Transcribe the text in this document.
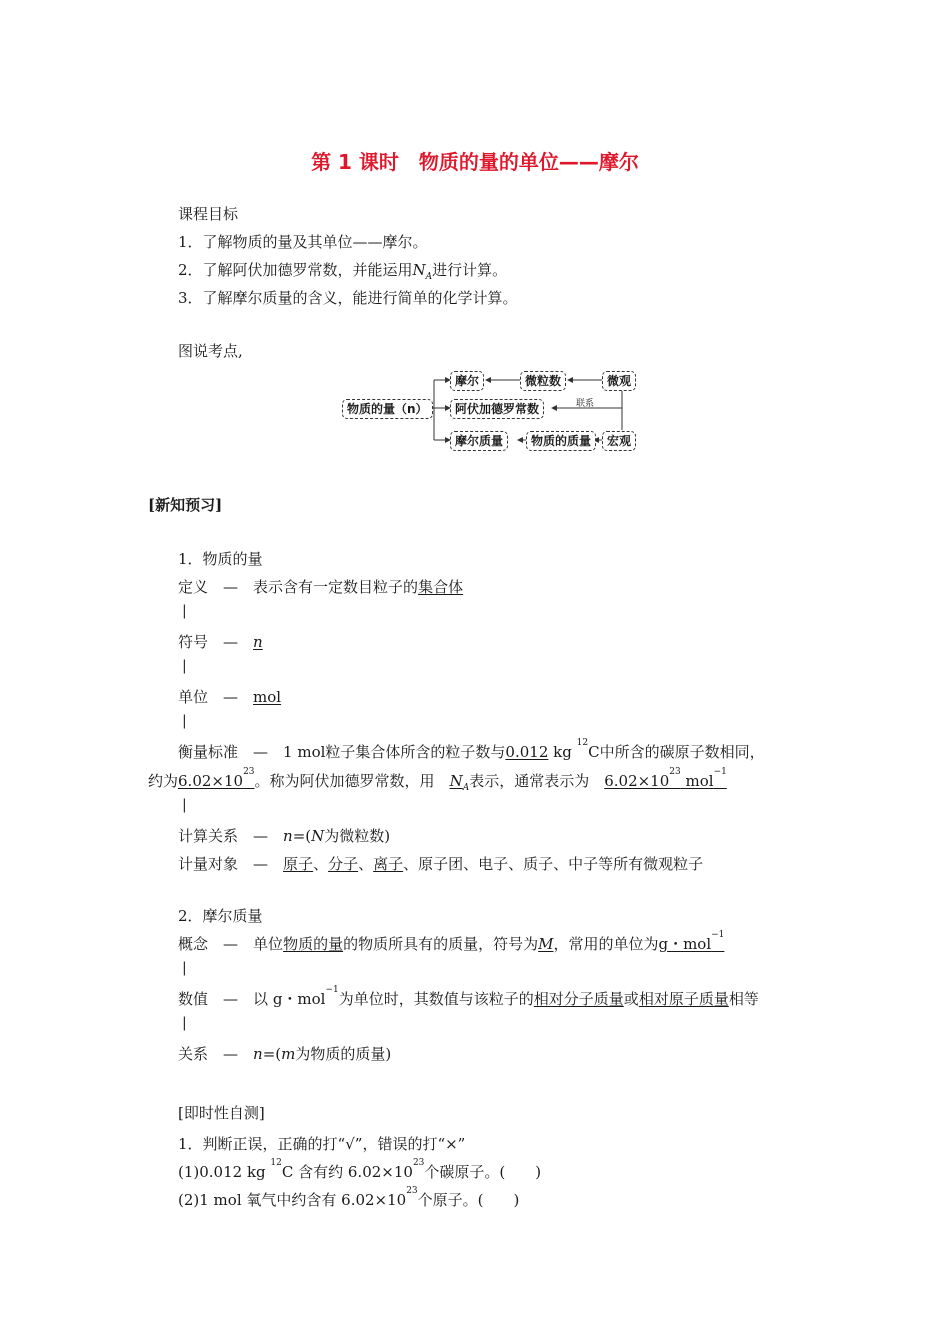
第 1 课时　物质的量的单位——摩尔
课程目标
1．了解物质的量及其单位——摩尔。
2．了解阿伏加德罗常数，并能运用$N_A$进行计算。
3．了解摩尔质量的含义，能进行简单的化学计算。
图说考点,
物质的量（n）
摩尔
阿伏加德罗常数
摩尔质量
微粒数
物质的质量
微观
宏观
联系
[新知预习]
1．物质的量
定义　 —　 表示含有一定数目粒子的集合体
|
符号　 —　 n
|
单位　 —　 mol
|
衡量标准　 —　 1 mol粒子集合体所含的粒子数与0.012 kg $^{12}$C中所含的碳原子数相同，
约为$6.02\times 10^{23}$。称为阿伏加德罗常数，用　 $N_A$表示，通常表示为　 $6.02\times 10^{23}$ mol$^{-1}$
|
计算关系　 —　 n=(N为微粒数)
计量对象　 —　 原子、分子、离子、原子团、电子、质子、中子等所有微观粒子
2．摩尔质量
概念　 —　 单位物质的量的物质所具有的质量，符号为M，常用的单位为g・mol$^{-1}$
|
数值　 —　 以 g・mol$^{-1}$为单位时，其数值与该粒子的相对分子质量或相对原子质量相等
|
关系　 —　 n=(m为物质的质量)
[即时性自测]
1．判断正误，正确的打“√”，错误的打“×”
(1)0.012 kg $^{12}$C 含有约 $6.02\times 10^{23}$个碳原子。(　　)
(2)1 mol 氧气中约含有 $6.02\times 10^{23}$个原子。(　　)
